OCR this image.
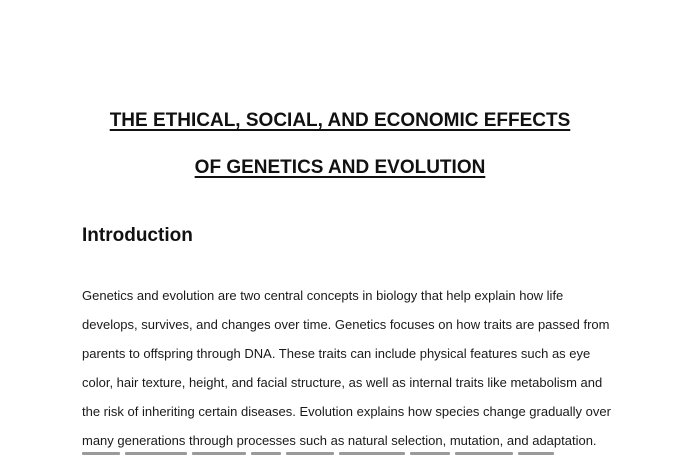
THE ETHICAL, SOCIAL, AND ECONOMIC EFFECTS
OF GENETICS AND EVOLUTION
Introduction
Genetics and evolution are two central concepts in biology that help explain how life
develops, survives, and changes over time. Genetics focuses on how traits are passed from
parents to offspring through DNA. These traits can include physical features such as eye
color, hair texture, height, and facial structure, as well as internal traits like metabolism and
the risk of inheriting certain diseases. Evolution explains how species change gradually over
many generations through processes such as natural selection, mutation, and adaptation.
